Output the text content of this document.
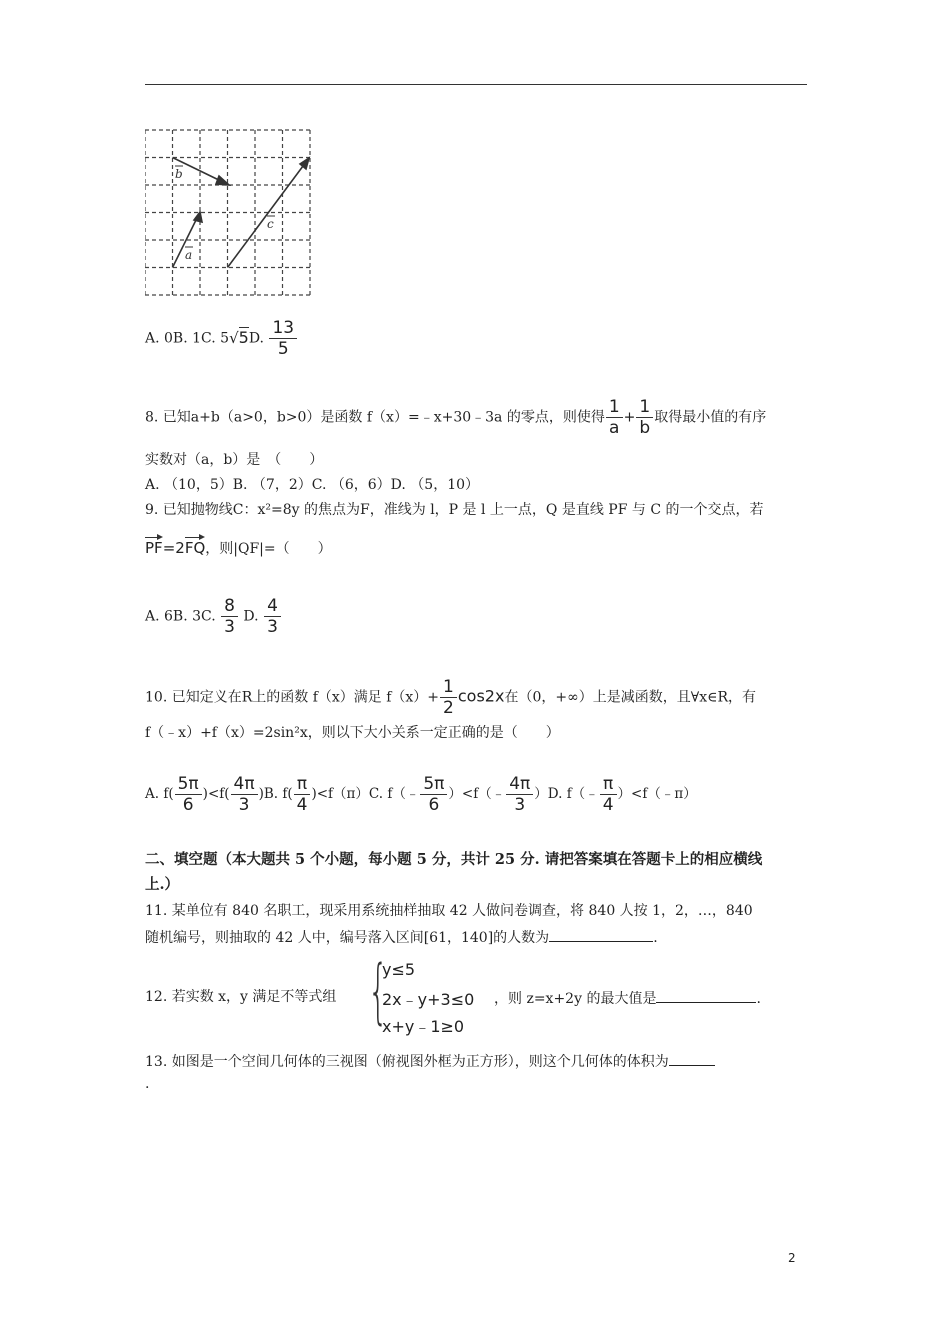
b
a
c
A. 0B. 1C. 5√5D. $\frac{13}{5}$
8. 已知a+b（a>0，b>0）是函数 f（x）=﹣x+30﹣3a 的零点，则使得 $\frac{1}{a} + \frac{1}{b}$ 取得最小值的有序
实数对（a，b）是　（　　）
A. （10，5）B. （7，2）C. （6，6）D. （5，10）
9. 已知抛物线C：x²=8y 的焦点为F，准线为 l，P 是 l 上一点，Q 是直线 PF 与 C 的一个交点，若
PF=2FQ，则|QF|=（　　）
A. 6B. 3C. $\frac{8}{3} D$. $\frac{4}{3}$
10. 已知定义在R上的函数 f（x）满足 $f(x)+ \frac{1}{2} \cos 2x$在（0，+∞）上是减函数，且∀x∈R，有
f（﹣x）+f（x）=2sin²x，则以下大小关系一定正确的是（　　）
A. $f( \frac{5\pi}{6} )<f( \frac{4\pi}{3} )B$. $f( \frac{\pi}{4} )<f(\pi)C$. f（﹣ $\frac{5\pi}{6}$ ）<f（﹣ $\frac{4\pi}{3} )D$. f（﹣ $\frac{\pi}{4}$ ）<f（﹣π）
二、填空题（本大题共 5 个小题，每小题 5 分，共计 25 分. 请把答案填在答题卡上的相应横线
上.）
11. 某单位有 840 名职工，现采用系统抽样抽取 42 人做问卷调查，将 840 人按 1，2，…，840
随机编号，则抽取的 42 人中，编号落入区间[61，140]的人数为	.
12. 若实数 x，y 满足不等式组 {
y≤5
2x﹣y+3≤0
x+y﹣1≥0
，则 z=x+2y 的最大值是	.
13. 如图是一个空间几何体的三视图（俯视图外框为正方形），则这个几何体的体积为
.
2
